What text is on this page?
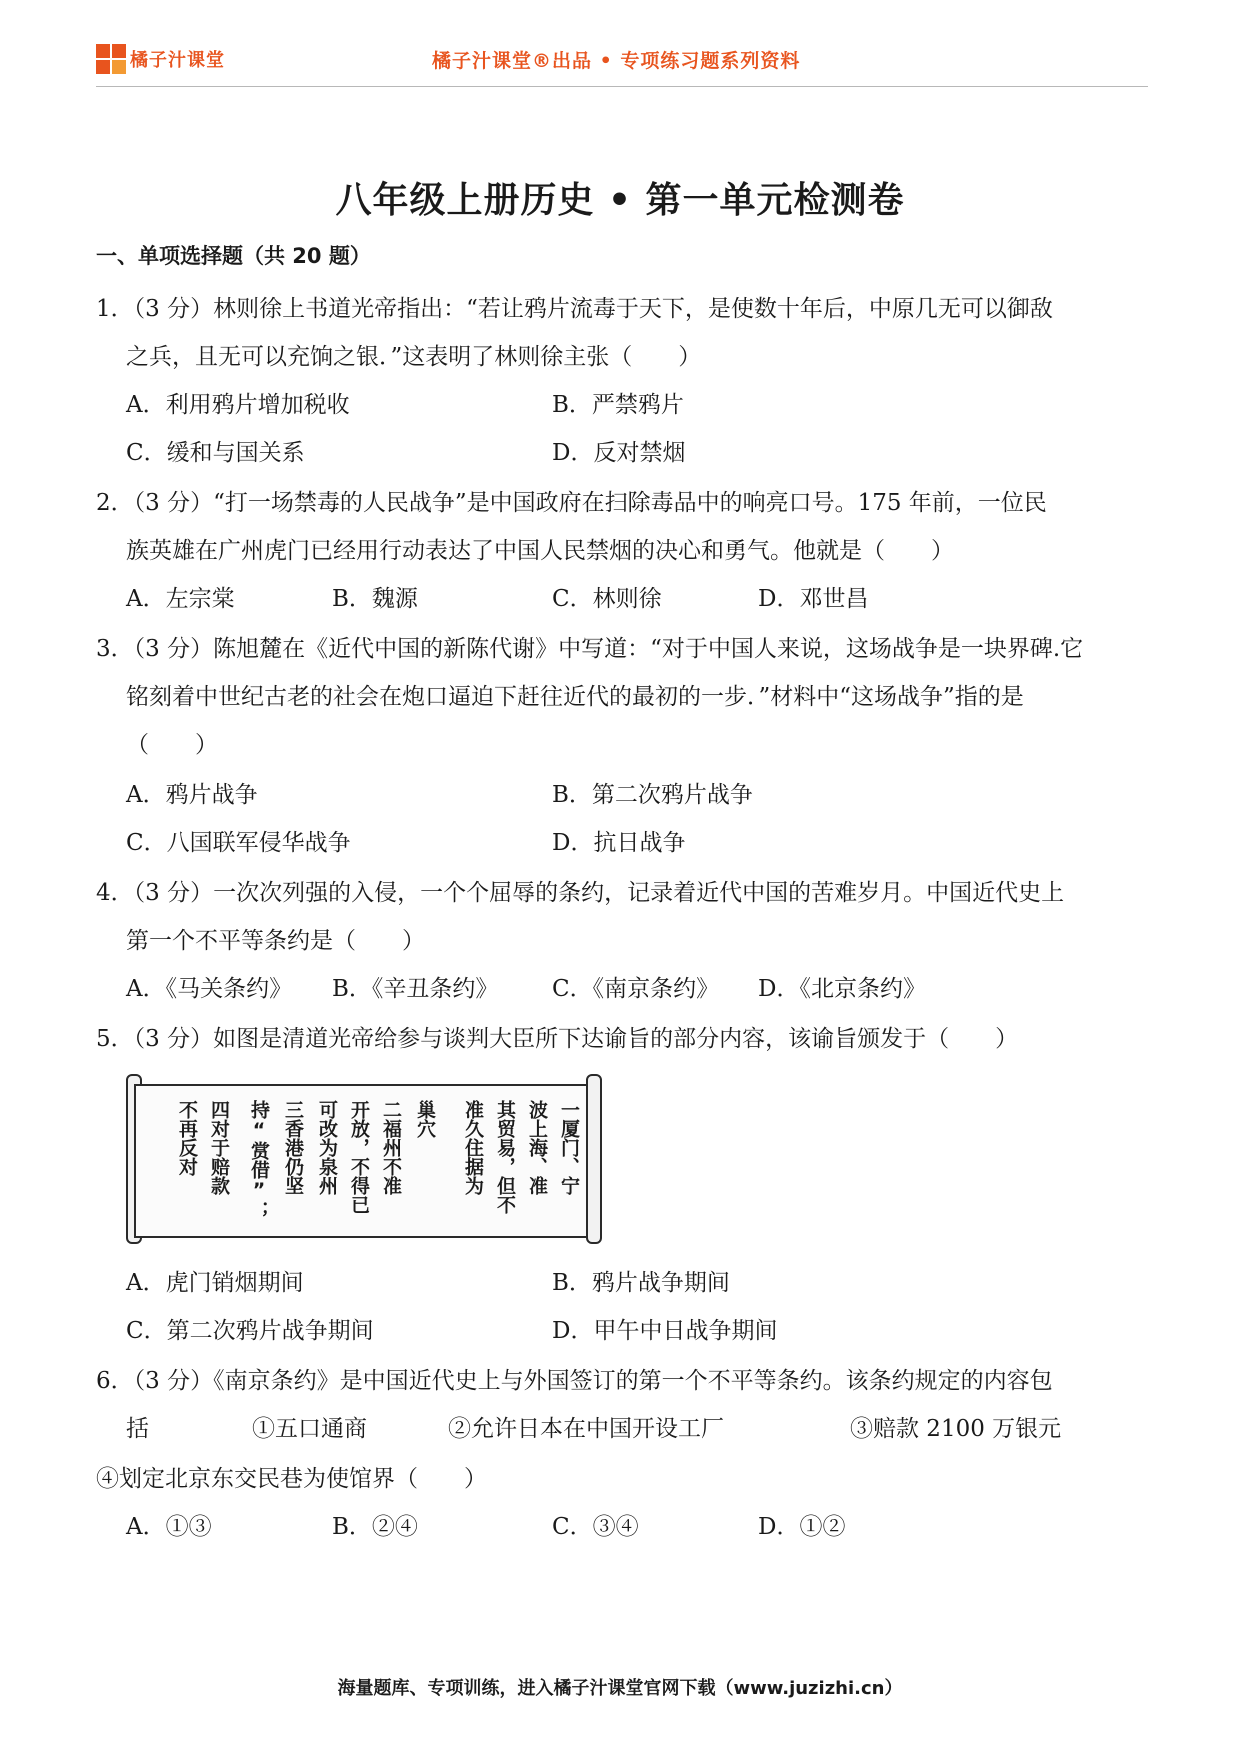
橘子汁课堂	橘子汁课堂®出品 • 专项练习题系列资料
八年级上册历史 • 第一单元检测卷
一、单项选择题（共 20 题）
1．（3 分）林则徐上书道光帝指出：“若让鸦片流毒于天下，是使数十年后，中原几无可以御敌
之兵，且无可以充饷之银．”这表明了林则徐主张（　　）
A．利用鸦片增加税收	B．严禁鸦片
C．缓和与国关系	D．反对禁烟
2．（3 分）“打一场禁毒的人民战争”是中国政府在扫除毒品中的响亮口号。175 年前，一位民
族英雄在广州虎门已经用行动表达了中国人民禁烟的决心和勇气。他就是（　　）
A．左宗棠	B．魏源	C．林则徐	D．邓世昌
3．（3 分）陈旭麓在《近代中国的新陈代谢》中写道：“对于中国人来说，这场战争是一块界碑.它
铭刻着中世纪古老的社会在炮口逼迫下赶往近代的最初的一步．”材料中“这场战争”指的是
（　　）
A．鸦片战争	B．第二次鸦片战争
C．八国联军侵华战争	D．抗日战争
4．（3 分）一次次列强的入侵，一个个屈辱的条约，记录着近代中国的苦难岁月。中国近代史上
第一个不平等条约是（　　）
A．《马关条约》 B．《辛丑条约》 C．《南京条约》 D．《北京条约》
5．（3 分）如图是清道光帝给参与谈判大臣所下达谕旨的部分内容，该谕旨颁发于（　　）
一厦门、宁
波上海、准
其贸易，但不
准久住据为
巢穴
二福州不准
开放，不得已
可改为泉州
三香港仍坚
持“赏借”；
四对于赔款
不再反对
A．虎门销烟期间	B．鸦片战争期间
C．第二次鸦片战争期间	D．甲午中日战争期间
6．（3 分）《南京条约》是中国近代史上与外国签订的第一个不平等条约。该条约规定的内容包
括	①五口通商	②允许日本在中国开设工厂	③赔款 2100 万银元
④划定北京东交民巷为使馆界（　　）
A．①③	B．②④	C．③④	D．①②
海量题库、专项训练，进入橘子汁课堂官网下载（www.juzizhi.cn）
